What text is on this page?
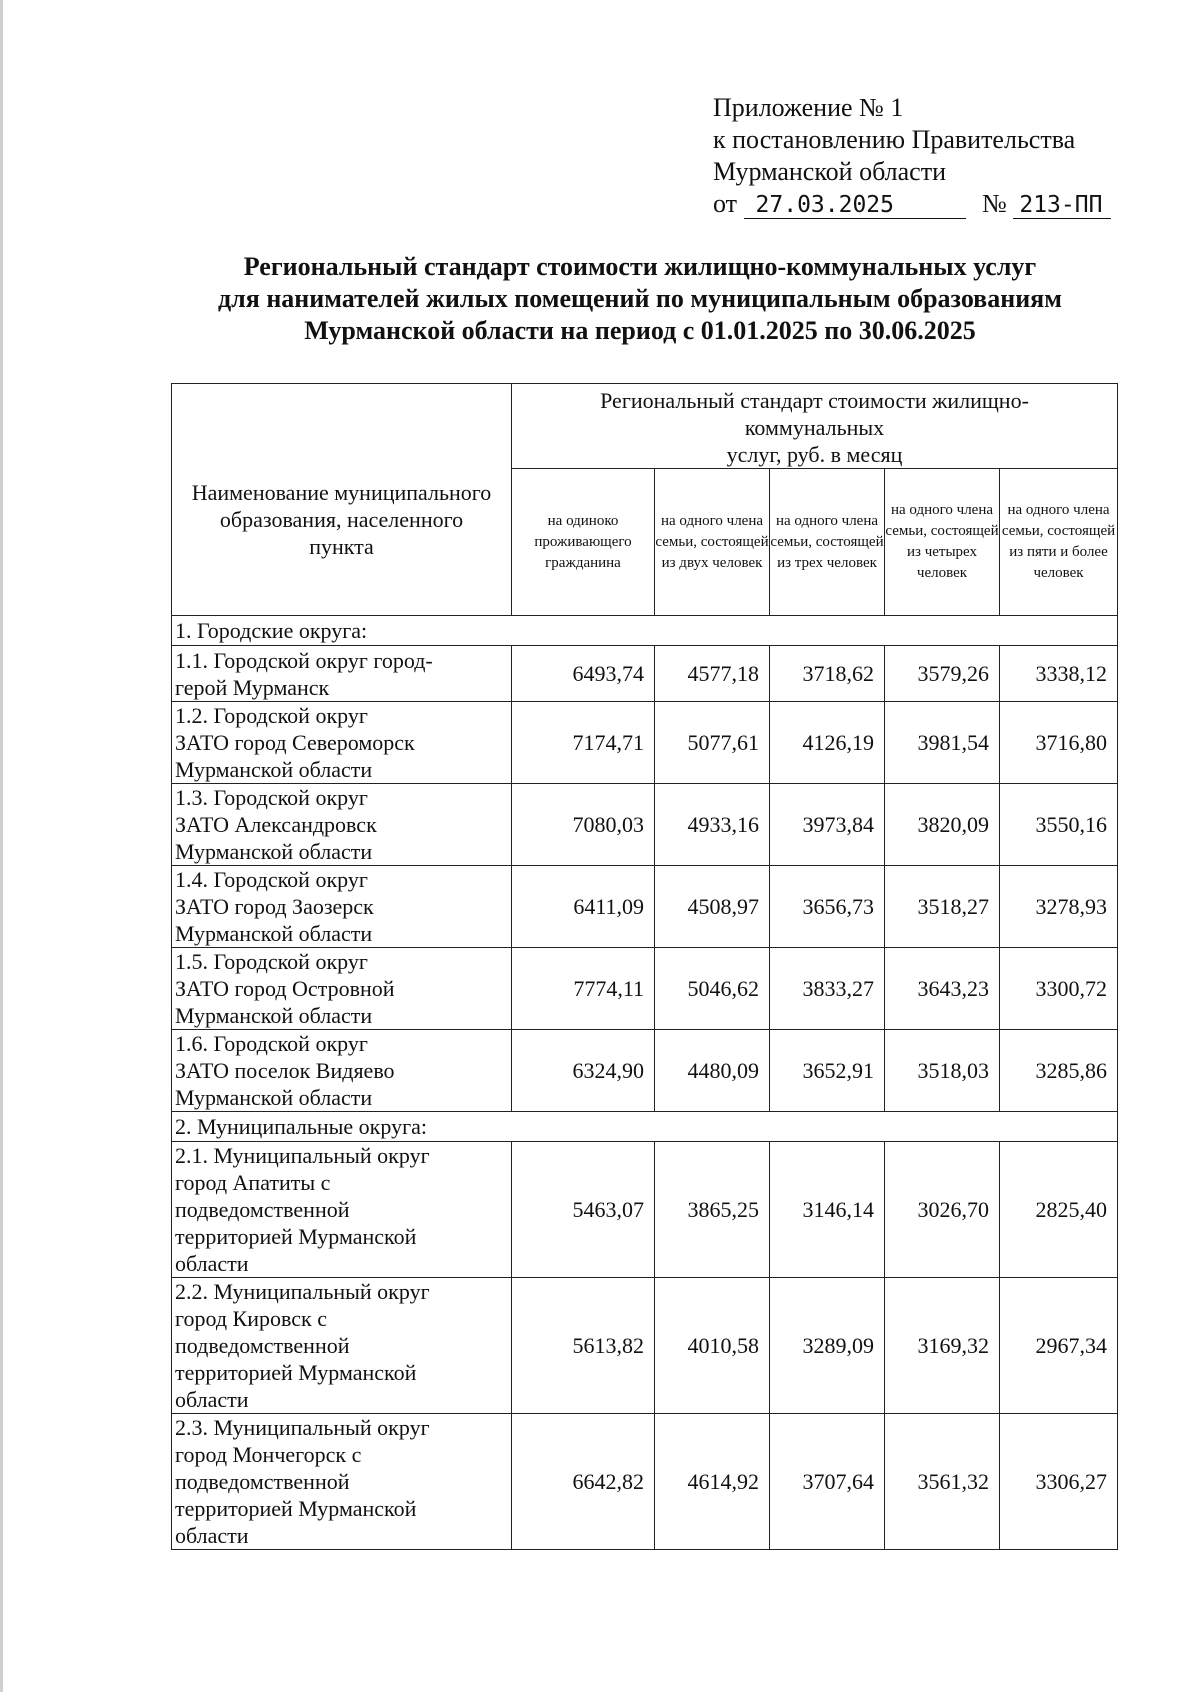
Приложение № 1
к постановлению Правительства
Мурманской области
от 27.03.2025	№ 213-ПП
Региональный стандарт стоимости жилищно-коммунальных услуг
для нанимателей жилых помещений по муниципальным образованиям
Мурманской области на период с 01.01.2025 по 30.06.2025
Наименование муниципального образования, населенного пункта	Региональный стандарт стоимости жилищно-
коммунальных
услуг, руб. в месяц				

	на одиноко проживающего гражданина	на одного члена семьи, состоящей из двух человек	на одного члена семьи, состоящей из трех человек	на одного члена семьи, состоящей из четырех человек	на одного члена семьи, состоящей из пяти и более человек
1. Городские округа:					

1.1. Городской округ город-
герой Мурманск	6493,74	4577,18	3718,62	3579,26	3338,12

1.2. Городской округ
ЗАТО город Североморск
Мурманской области	7174,71	5077,61	4126,19	3981,54	3716,80

1.3. Городской округ
ЗАТО Александровск
Мурманской области	7080,03	4933,16	3973,84	3820,09	3550,16

1.4. Городской округ
ЗАТО город Заозерск
Мурманской области	6411,09	4508,97	3656,73	3518,27	3278,93

1.5. Городской округ
ЗАТО город Островной
Мурманской области	7774,11	5046,62	3833,27	3643,23	3300,72

1.6. Городской округ
ЗАТО поселок Видяево
Мурманской области	6324,90	4480,09	3652,91	3518,03	3285,86
2. Муниципальные округа:					

2.1. Муниципальный округ
город Апатиты с
подведомственной
территорией Мурманской
области	5463,07	3865,25	3146,14	3026,70	2825,40

2.2. Муниципальный округ
город Кировск с
подведомственной
территорией Мурманской
области	5613,82	4010,58	3289,09	3169,32	2967,34

2.3. Муниципальный округ
город Мончегорск с
подведомственной
территорией Мурманской
области	6642,82	4614,92	3707,64	3561,32	3306,27
